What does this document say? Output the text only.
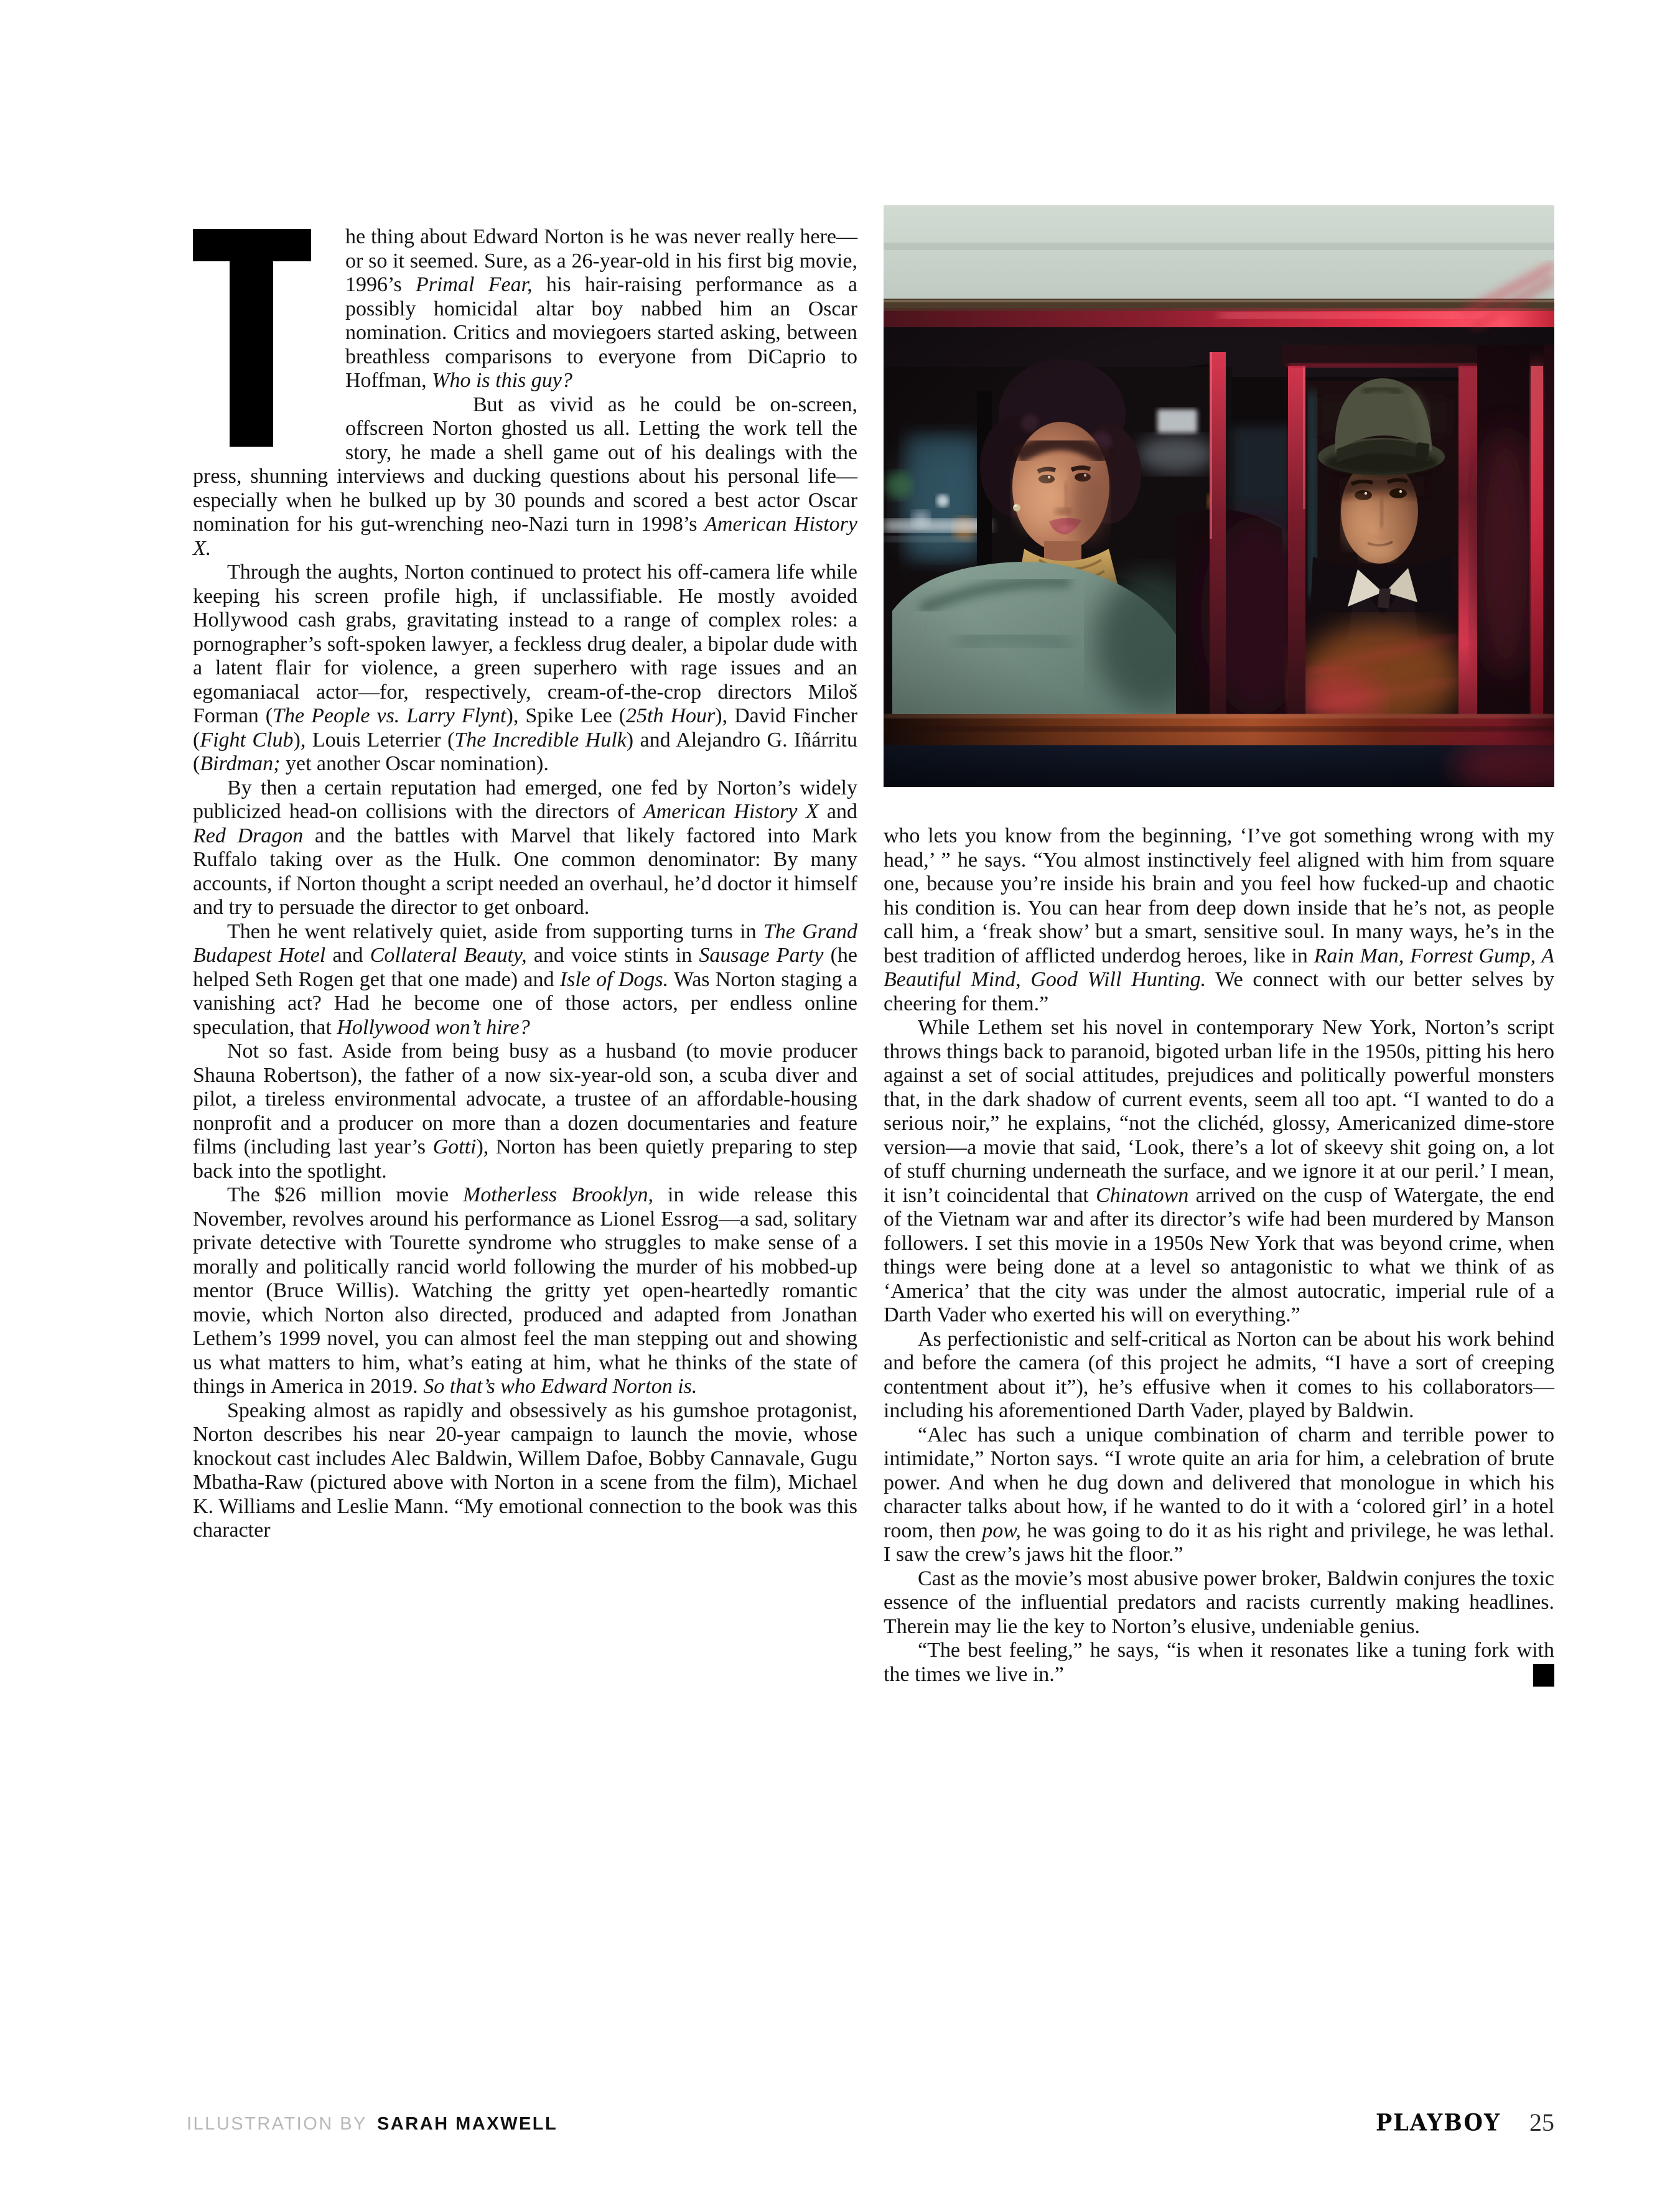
he thing about Edward Norton is he was never really here—or so it seemed. Sure, as a 26-year-old in his first big movie, 1996’s Primal Fear, his hair-raising performance as a possibly homicidal altar boy nabbed him an Oscar nomination. Critics and moviegoers started asking, between breathless comparisons to everyone from DiCaprio to Hoffman, Who is this guy?

But as vivid as he could be on-screen, offscreen Norton ghosted us all. Letting the work tell the story, he made a shell game out of his dealings with the press, shunning interviews and ducking questions about his personal life—especially when he bulked up by 30 pounds and scored a best actor Oscar nomination for his gut-wrenching neo-Nazi turn in 1998’s American History X.

Through the aughts, Norton continued to protect his off-camera life while keeping his screen profile high, if unclassifiable. He mostly avoided Hollywood cash grabs, gravitating instead to a range of complex roles: a pornographer’s soft-spoken lawyer, a feckless drug dealer, a bipolar dude with a latent flair for violence, a green superhero with rage issues and an egomaniacal actor—for, respectively, cream-of-the-crop directors Miloš Forman (The People vs. Larry Flynt), Spike Lee (25th Hour), David Fincher (Fight Club), Louis Leterrier (The Incredible Hulk) and Alejandro G. Iñárritu (Birdman; yet another Oscar nomination).

By then a certain reputation had emerged, one fed by Norton’s widely publicized head-on collisions with the directors of American History X and Red Dragon and the battles with Marvel that likely factored into Mark Ruffalo taking over as the Hulk. One common denominator: By many accounts, if Norton thought a script needed an overhaul, he’d doctor it himself and try to persuade the director to get onboard.

Then he went relatively quiet, aside from supporting turns in The Grand Budapest Hotel and Collateral Beauty, and voice stints in Sausage Party (he helped Seth Rogen get that one made) and Isle of Dogs. Was Norton staging a vanishing act? Had he become one of those actors, per endless online speculation, that Hollywood won’t hire?

Not so fast. Aside from being busy as a husband (to movie producer Shauna Robertson), the father of a now six-year-old son, a scuba diver and pilot, a tireless environmental advocate, a trustee of an affordable-housing nonprofit and a producer on more than a dozen documentaries and feature films (including last year’s Gotti), Norton has been quietly preparing to step back into the spotlight.

The $26 million movie Motherless Brooklyn, in wide release this November, revolves around his performance as Lionel Essrog—a sad, solitary private detective with Tourette syndrome who struggles to make sense of a morally and politically rancid world following the murder of his mobbed-up mentor (Bruce Willis). Watching the gritty yet open-heartedly romantic movie, which Norton also directed, produced and adapted from Jonathan Lethem’s 1999 novel, you can almost feel the man stepping out and showing us what matters to him, what’s eating at him, what he thinks of the state of things in America in 2019. So that’s who Edward Norton is.

Speaking almost as rapidly and obsessively as his gumshoe protagonist, Norton describes his near 20-year campaign to launch the movie, whose knockout cast includes Alec Baldwin, Willem Dafoe, Bobby Cannavale, Gugu Mbatha-Raw (pictured above with Norton in a scene from the film), Michael K. Williams and Leslie Mann. “My emotional connection to the book was this character

who lets you know from the beginning, ‘I’ve got something wrong with my head,’ ” he says. “You almost instinctively feel aligned with him from square one, because you’re inside his brain and you feel how fucked-up and chaotic his condition is. You can hear from deep down inside that he’s not, as people call him, a ‘freak show’ but a smart, sensitive soul. In many ways, he’s in the best tradition of afflicted underdog heroes, like in Rain Man, Forrest Gump, A Beautiful Mind, Good Will Hunting. We connect with our better selves by cheering for them.”

While Lethem set his novel in contemporary New York, Norton’s script throws things back to paranoid, bigoted urban life in the 1950s, pitting his hero against a set of social attitudes, prejudices and politically powerful monsters that, in the dark shadow of current events, seem all too apt. “I wanted to do a serious noir,” he explains, “not the clichéd, glossy, Americanized dime-store version—a movie that said, ‘Look, there’s a lot of skeevy shit going on, a lot of stuff churning underneath the surface, and we ignore it at our peril.’ I mean, it isn’t coincidental that Chinatown arrived on the cusp of Watergate, the end of the Vietnam war and after its director’s wife had been murdered by Manson followers. I set this movie in a 1950s New York that was beyond crime, when things were being done at a level so antagonistic to what we think of as ‘America’ that the city was under the almost autocratic, imperial rule of a Darth Vader who exerted his will on everything.”

As perfectionistic and self-critical as Norton can be about his work behind and before the camera (of this project he admits, “I have a sort of creeping contentment about it”), he’s effusive when it comes to his collaborators—including his aforementioned Darth Vader, played by Baldwin.

“Alec has such a unique combination of charm and terrible power to intimidate,” Norton says. “I wrote quite an aria for him, a celebration of brute power. And when he dug down and delivered that monologue in which his character talks about how, if he wanted to do it with a ‘colored girl’ in a hotel room, then pow, he was going to do it as his right and privilege, he was lethal. I saw the crew’s jaws hit the floor.”

Cast as the movie’s most abusive power broker, Baldwin conjures the toxic essence of the influential predators and racists currently making headlines. Therein may lie the key to Norton’s elusive, undeniable genius.

“The best feeling,” he says, “is when it resonates like a tuning fork with the times we live in.”

ILLUSTRATION BY SARAH MAXWELL	PLAYBOY 25
